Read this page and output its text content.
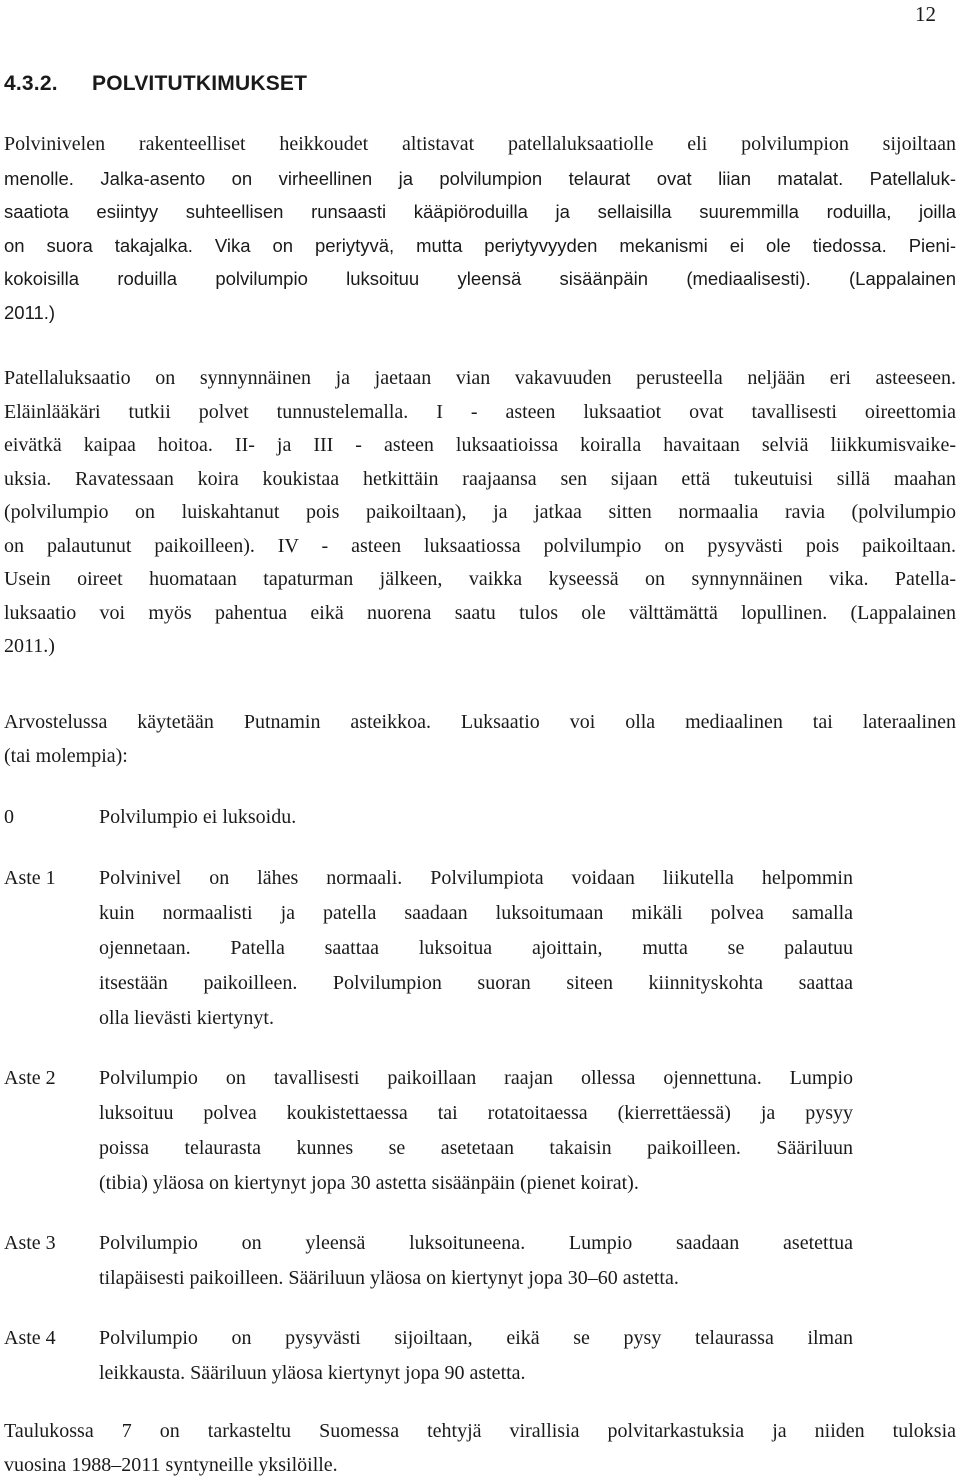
12
4.3.2. POLVITUTKIMUKSET
Polvinivelen rakenteelliset heikkoudet altistavat patellaluksaatiolle eli polvilumpion sijoiltaan
menolle. Jalka-asento on virheellinen ja polvilumpion telaurat ovat liian matalat. Patellaluk-
saatiota esiintyy suhteellisen runsaasti kääpiöroduilla ja sellaisilla suuremmilla roduilla, joilla
on suora takajalka. Vika on periytyvä, mutta periytyvyyden mekanismi ei ole tiedossa. Pieni-
kokoisilla roduilla polvilumpio luksoituu yleensä sisäänpäin (mediaalisesti). (Lappalainen
2011.)
Patellaluksaatio on synnynnäinen ja jaetaan vian vakavuuden perusteella neljään eri asteeseen.
Eläinlääkäri tutkii polvet tunnustelemalla. I - asteen luksaatiot ovat tavallisesti oireettomia
eivätkä kaipaa hoitoa. II- ja III - asteen luksaatioissa koiralla havaitaan selviä liikkumisvaike-
uksia. Ravatessaan koira koukistaa hetkittäin raajaansa sen sijaan että tukeutuisi sillä maahan
(polvilumpio on luiskahtanut pois paikoiltaan), ja jatkaa sitten normaalia ravia (polvilumpio
on palautunut paikoilleen). IV - asteen luksaatiossa polvilumpio on pysyvästi pois paikoiltaan.
Usein oireet huomataan tapaturman jälkeen, vaikka kyseessä on synnynnäinen vika. Patella-
luksaatio voi myös pahentua eikä nuorena saatu tulos ole välttämättä lopullinen. (Lappalainen
2011.)
Arvostelussa käytetään Putnamin asteikkoa. Luksaatio voi olla mediaalinen tai lateraalinen
(tai molempia):
0	Polvilumpio ei luksoidu.
Aste 1 Polvinivel on lähes normaali. Polvilumpiota voidaan liikutella helpommin
kuin normaalisti ja patella saadaan luksoitumaan mikäli polvea samalla
ojennetaan. Patella saattaa luksoitua ajoittain, mutta se palautuu
itsestään paikoilleen. Polvilumpion suoran siteen kiinnityskohta saattaa
olla lievästi kiertynyt.
Aste 2 Polvilumpio on tavallisesti paikoillaan raajan ollessa ojennettuna. Lumpio
luksoituu polvea koukistettaessa tai rotatoitaessa (kierrettäessä) ja pysyy
poissa telaurasta kunnes se asetetaan takaisin paikoilleen. Sääriluun
(tibia) yläosa on kiertynyt jopa 30 astetta sisäänpäin (pienet koirat).
Aste 3 Polvilumpio on yleensä luksoituneena. Lumpio saadaan asetettua
tilapäisesti paikoilleen. Sääriluun yläosa on kiertynyt jopa 30–60 astetta.
Aste 4 Polvilumpio on pysyvästi sijoiltaan, eikä se pysy telaurassa ilman
leikkausta. Sääriluun yläosa kiertynyt jopa 90 astetta.
Taulukossa 7 on tarkasteltu Suomessa tehtyjä virallisia polvitarkastuksia ja niiden tuloksia
vuosina 1988–2011 syntyneille yksilöille.
